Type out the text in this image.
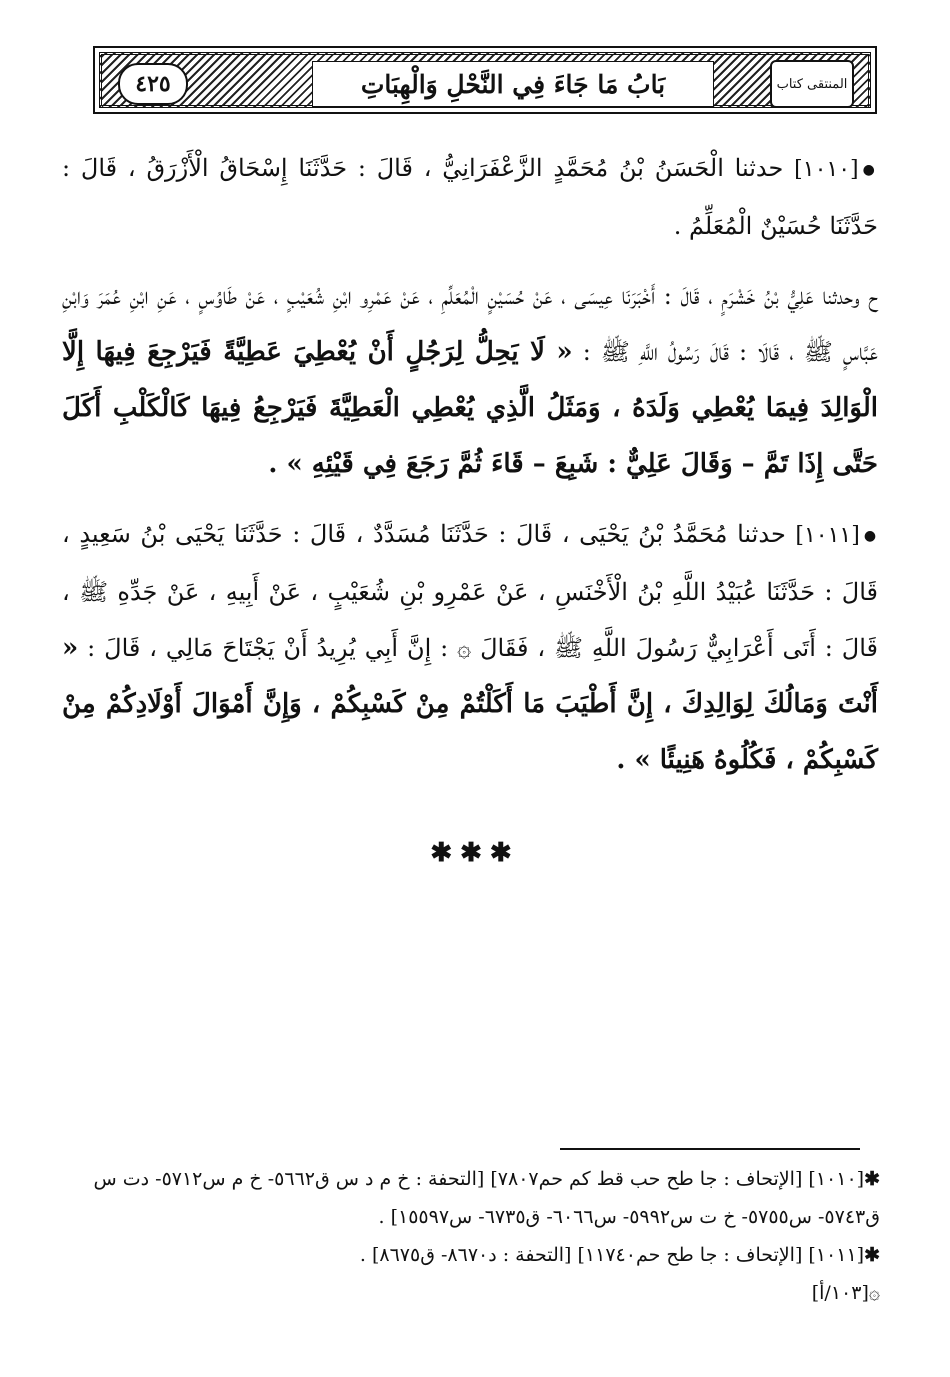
٤٢٥	بَابُ مَا جَاءَ فِي النَّحْلِ وَالْهِبَاتِ	المنتقى كتاب

●[١٠١٠] حدثنا الْحَسَنُ بْنُ مُحَمَّدٍ الزَّعْفَرَانِيُّ ، قَالَ : حَدَّثَنَا إِسْحَاقُ الْأَزْرَقُ ، قَالَ : حَدَّثَنَا حُسَيْنٌ الْمُعَلِّمُ .

ح وحدثنا عَلِيُّ بْنُ خَشْرَمٍ ، قَالَ : أَخْبَرَنَا عِيسَى ، عَنْ حُسَيْنٍ الْمُعَلِّمِ ، عَنْ عَمْرِو ابْنِ شُعَيْبٍ ، عَنْ طَاوُسٍ ، عَنِ ابْنِ عُمَرَ وَابْنِ عَبَّاسٍ ﷺ ، قَالَا : قَالَ رَسُولُ اللَّهِ ﷺ : « لَا يَحِلُّ لِرَجُلٍ أَنْ يُعْطِيَ عَطِيَّةً فَيَرْجِعَ فِيهَا إِلَّا الْوَالِدَ فِيمَا يُعْطِي وَلَدَهُ ، وَمَثَلُ الَّذِي يُعْطِي الْعَطِيَّةَ فَيَرْجِعُ فِيهَا كَالْكَلْبِ أَكَلَ حَتَّى إِذَا تَمَّ – وَقَالَ عَلِيٌّ : شَبِعَ – قَاءَ ثُمَّ رَجَعَ فِي قَيْئِهِ » .

●[١٠١١] حدثنا مُحَمَّدُ بْنُ يَحْيَى ، قَالَ : حَدَّثَنَا مُسَدَّدٌ ، قَالَ : حَدَّثَنَا يَحْيَى بْنُ سَعِيدٍ ، قَالَ : حَدَّثَنَا عُبَيْدُ اللَّهِ بْنُ الْأَخْنَسِ ، عَنْ عَمْرِو بْنِ شُعَيْبٍ ، عَنْ أَبِيهِ ، عَنْ جَدِّهِ ﷺ ، قَالَ : أَتَى أَعْرَابِيٌّ رَسُولَ اللَّهِ ﷺ ، فَقَالَ ۞ : إِنَّ أَبِي يُرِيدُ أَنْ يَجْتَاحَ مَالِي ، قَالَ : « أَنْتَ وَمَالُكَ لِوَالِدِكَ ، إِنَّ أَطْيَبَ مَا أَكَلْتُمْ مِنْ كَسْبِكُمْ ، وَإِنَّ أَمْوَالَ أَوْلَادِكُمْ مِنْ كَسْبِكُمْ ، فَكُلُوهُ هَنِيئًا » .

✱✱✱

✱[١٠١٠] [الإتحاف : جا طح حب قط كم حم٧٨٠٧] [التحفة : خ م د س ق٥٦٦٢- خ م س٥٧١٢- دت س ق٥٧٤٣- س٥٧٥٥- خ ت س٥٩٩٢- س٦٠٦٦- ق٦٧٣٥- س١٥٥٩٧] .

✱[١٠١١] [الإتحاف : جا طح حم١١٧٤٠] [التحفة : د٨٦٧٠- ق٨٦٧٥] .

۞[١٠٣/أ]
